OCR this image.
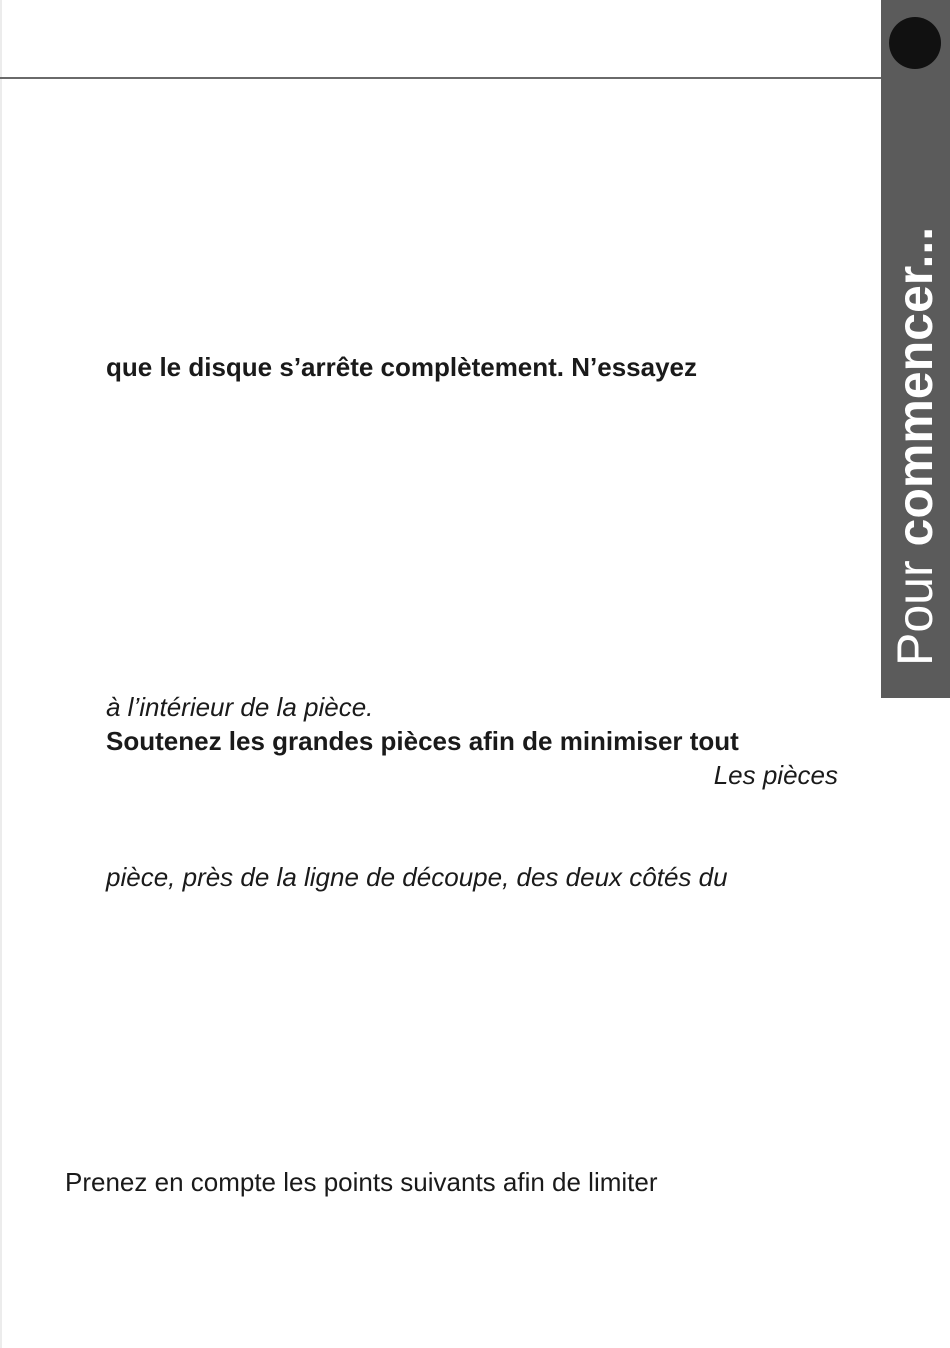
Pour commencer...
que le disque s’arrête complètement. N’essayez
à l’intérieur de la pièce.
Soutenez les grandes pièces afin de minimiser tout
Les pièces
pièce, près de la ligne de découpe, des deux côtés du
Prenez en compte les points suivants afin de limiter
